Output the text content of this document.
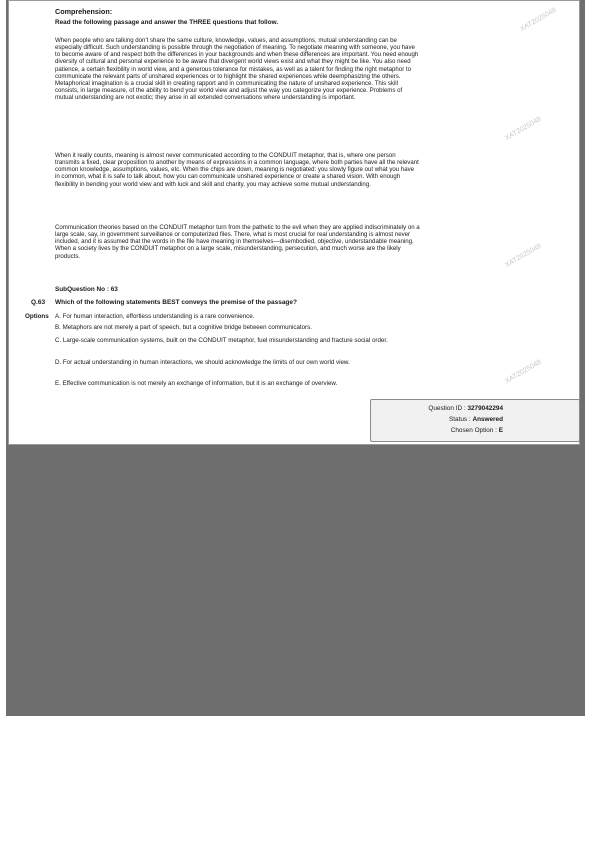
Comprehension:
Read the following passage and answer the THREE questions that follow.

When people who are talking don't share the same culture, knowledge, values, and assumptions, mutual understanding can be especially difficult. Such understanding is possible through the negotiation of meaning. To negotiate meaning with someone, you have to become aware of and respect both the differences in your backgrounds and when these differences are important. You need enough diversity of cultural and personal experience to be aware that divergent world views exist and what they might be like. You also need patience, a certain flexibility in world view, and a generous tolerance for mistakes, as well as a talent for finding the right metaphor to communicate the relevant parts of unshared experiences or to highlight the shared experiences while deemphasizing the others. Metaphorical imagination is a crucial skill in creating rapport and in communicating the nature of unshared experience. This skill consists, in large measure, of the ability to bend your world view and adjust the way you categorize your experience. Problems of mutual understanding are not exotic; they arise in all extended conversations where understanding is important.

When it really counts, meaning is almost never communicated according to the CONDUIT metaphor, that is, where one person transmits a fixed, clear proposition to another by means of expressions in a common language, where both parties have all the relevant common knowledge, assumptions, values, etc. When the chips are down, meaning is negotiated: you slowly figure out what you have in common, what it is safe to talk about, how you can communicate unshared experience or create a shared vision. With enough flexibility in bending your world view and with luck and skill and charity, you may achieve some mutual understanding.

Communication theories based on the CONDUIT metaphor turn from the pathetic to the evil when they are applied indiscriminately on a large scale, say, in government surveillance or computerized files. There, what is most crucial for real understanding is almost never included, and it is assumed that the words in the file have meaning in themselves—disembodied, objective, understandable meaning. When a society lives by the CONDUIT metaphor on a large scale, misunderstanding, persecution, and much worse are the likely products.

SubQuestion No : 63
Q.63 Which of the following statements BEST conveys the premise of the passage?
Options A. For human interaction, effortless understanding is a rare convenience.

B. Metaphors are not merely a part of speech, but a cognitive bridge between communicators.

C. Large-scale communication systems, built on the CONDUIT metaphor, fuel misunderstanding and fracture social order.

D. For actual understanding in human interactions, we should acknowledge the limits of our own world view.

E. Effective communication is not merely an exchange of information, but it is an exchange of overview.

Question ID : 3279042294
Status : Answered
Chosen Option : E
XAT2025048
XAT2025048
XAT2025048
XAT2025048
